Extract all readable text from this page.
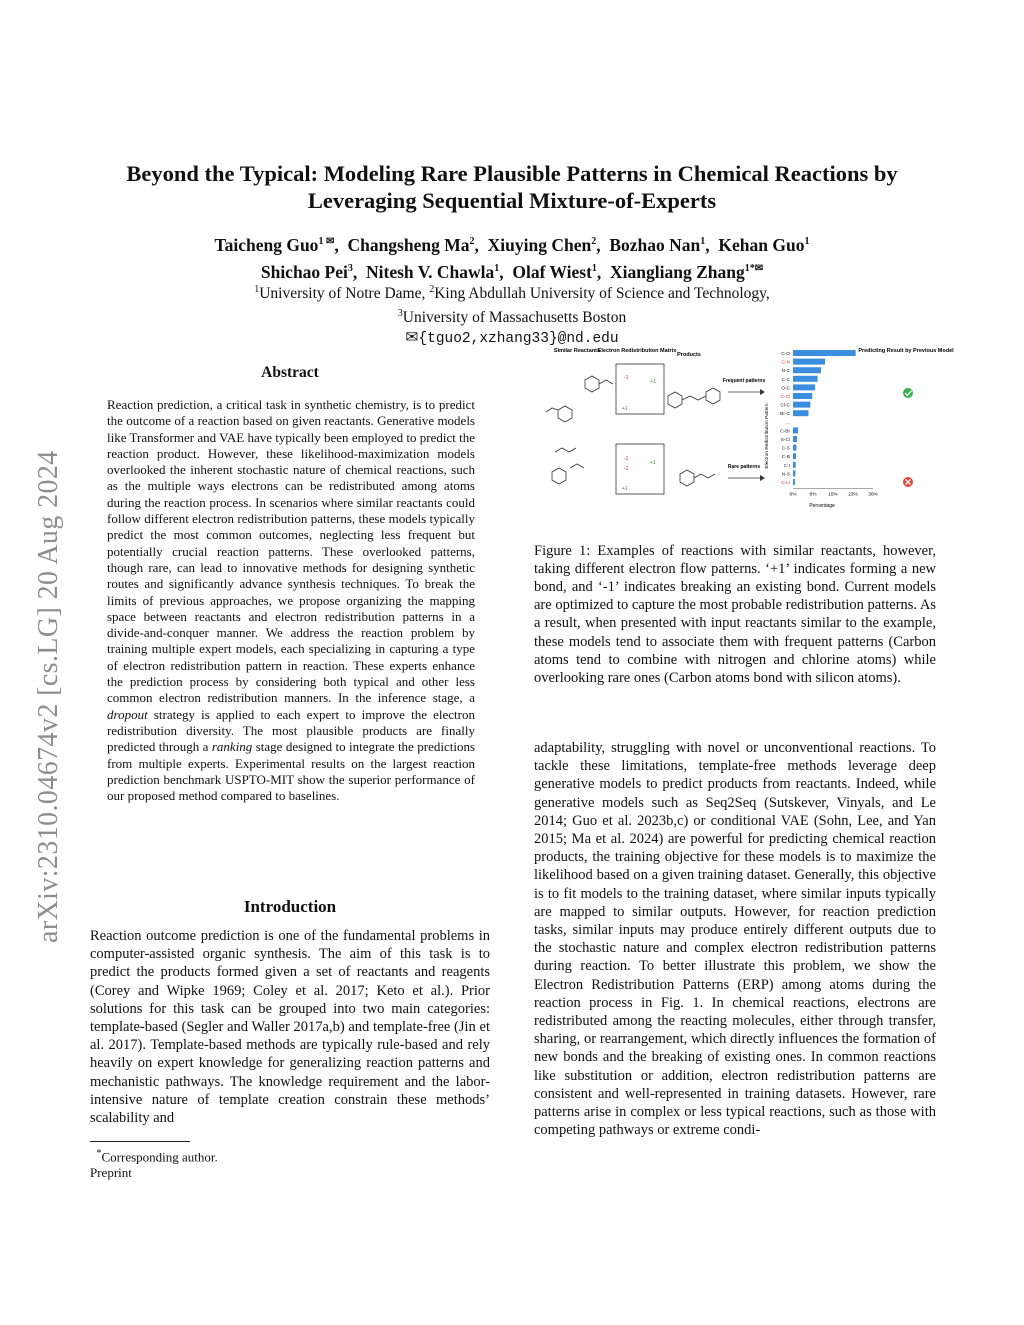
arXiv:2310.04674v2 [cs.LG] 20 Aug 2024
Beyond the Typical: Modeling Rare Plausible Patterns in Chemical Reactions by
Leveraging Sequential Mixture-of-Experts
Taicheng Guo$^{1 ✉}$,  Changsheng Ma$^2$,  Xiuying Chen$^2$,  Bozhao Nan$^1$,  Kehan Guo$^1$
Shichao Pei$^3$,  Nitesh V. Chawla$^1$,  Olaf Wiest$^1$,  Xiangliang Zhang$^{1*✉}$
$^1$University of Notre Dame, $^2$King Abdullah University of Science and Technology,
$^3$University of Massachusetts Boston
✉{tguo2,xzhang33}@nd.edu
Abstract

Reaction prediction, a critical task in synthetic chemistry, is to predict the outcome of a reaction based on given reactants. Generative models like Transformer and VAE have typically been employed to predict the reaction product. However, these likelihood-maximization models overlooked the inherent stochastic nature of chemical reactions, such as the multiple ways electrons can be redistributed among atoms during the reaction process. In scenarios where similar reactants could follow different electron redistribution patterns, these models typically predict the most common outcomes, neglecting less frequent but potentially crucial reaction patterns. These overlooked patterns, though rare, can lead to innovative methods for designing synthetic routes and significantly advance synthesis techniques. To break the limits of previous approaches, we propose organizing the mapping space between reactants and electron redistribution patterns in a divide-and-conquer manner. We address the reaction problem by training multiple expert models, each specializing in capturing a type of electron redistribution pattern in reaction. These experts enhance the prediction process by considering both typical and other less common electron redistribution manners. In the inference stage, a dropout strategy is applied to each expert to improve the electron redistribution diversity. The most plausible products are finally predicted through a ranking stage designed to integrate the predictions from multiple experts. Experimental results on the largest reaction prediction benchmark USPTO-MIT show the superior performance of our proposed method compared to baselines.

Introduction

Reaction outcome prediction is one of the fundamental problems in computer-assisted organic synthesis. The aim of this task is to predict the products formed given a set of reactants and reagents (Corey and Wipke 1969; Coley et al. 2017; Keto et al.). Prior solutions for this task can be grouped into two main categories: template-based (Segler and Waller 2017a,b) and template-free (Jin et al. 2017). Template-based methods are typically rule-based and rely heavily on expert knowledge for generalizing reaction patterns and mechanistic pathways. The knowledge requirement and the labor-intensive nature of template creation constrain these methods’ scalability and

*Corresponding author.
Preprint
Similar Reactants
Electron Redistribution Matrix
Products
Predicting Result by Previous Model
-1
+1
+1
Frequent patterns
-1
-1
+1
+1
Rare patterns Electron Redistribution Pattern
Percentage
C-O
C-N
N-C
C-C
O-C
C-Cl
Cl-C
Br-C
...
C-Br
S-Cl
C-S
C-B
C-I
N-S
C-Li
0%	8% 15% 23% 30%

Figure 1: Examples of reactions with similar reactants, however, taking different electron flow patterns. ‘+1’ indicates forming a new bond, and ‘-1’ indicates breaking an existing bond. Current models are optimized to capture the most probable redistribution patterns. As a result, when presented with input reactants similar to the example, these models tend to associate them with frequent patterns (Carbon atoms tend to combine with nitrogen and chlorine atoms) while overlooking rare ones (Carbon atoms bond with silicon atoms).

adaptability, struggling with novel or unconventional reactions. To tackle these limitations, template-free methods leverage deep generative models to predict products from reactants. Indeed, while generative models such as Seq2Seq (Sutskever, Vinyals, and Le 2014; Guo et al. 2023b,c) or conditional VAE (Sohn, Lee, and Yan 2015; Ma et al. 2024) are powerful for predicting chemical reaction products, the training objective for these models is to maximize the likelihood based on a given training dataset. Generally, this objective is to fit models to the training dataset, where similar inputs typically are mapped to similar outputs. However, for reaction prediction tasks, similar inputs may produce entirely different outputs due to the stochastic nature and complex electron redistribution patterns during reaction. To better illustrate this problem, we show the Electron Redistribution Patterns (ERP) among atoms during the reaction process in Fig. 1. In chemical reactions, electrons are redistributed among the reacting molecules, either through transfer, sharing, or rearrangement, which directly influences the formation of new bonds and the breaking of existing ones. In common reactions like substitution or addition, electron redistribution patterns are consistent and well-represented in training datasets. However, rare patterns arise in complex or less typical reactions, such as those with competing pathways or extreme condi-
